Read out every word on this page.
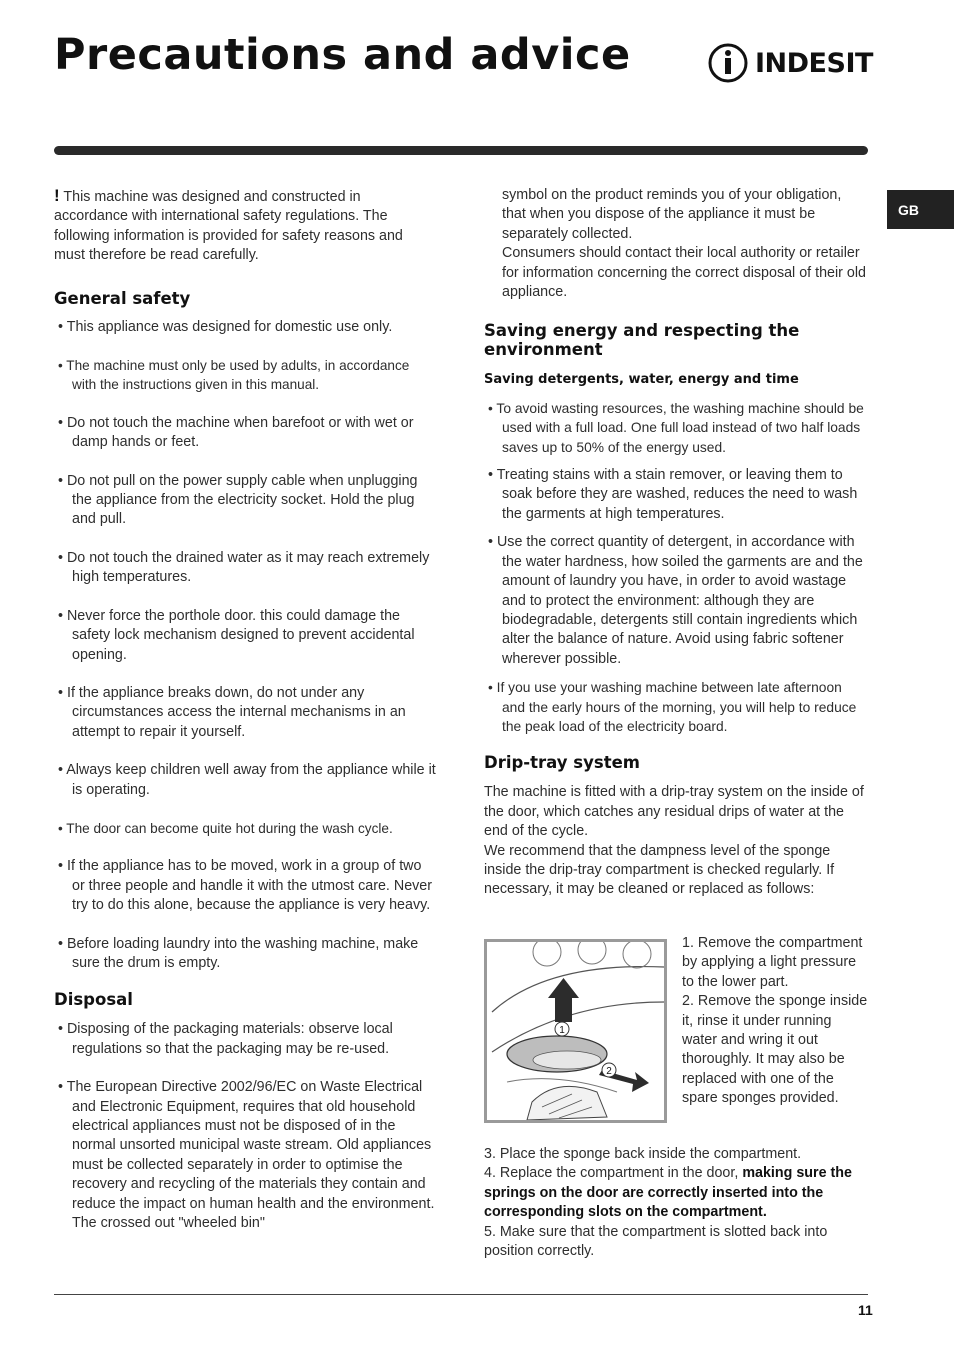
Precautions and advice	INDESIT
GB

! This machine was designed and constructed in accordance with international safety regulations. The following information is provided for safety reasons and must therefore be read carefully.

General safety

• This appliance was designed for domestic use only.

• The machine must only be used by adults, in accordance with the instructions given in this manual.

• Do not touch the machine when barefoot or with wet or damp hands or feet.

• Do not pull on the power supply cable when unplugging the appliance from the electricity socket. Hold the plug and pull.

• Do not touch the drained water as it may reach extremely high temperatures.

• Never force the porthole door. this could damage the safety lock mechanism designed to prevent accidental opening.

• If the appliance breaks down, do not under any circumstances access the internal mechanisms in an attempt to repair it yourself.

• Always keep children well away from the appliance while it is operating.

• The door can become quite hot during the wash cycle.

• If the appliance has to be moved, work in a group of two or three people and handle it with the utmost care. Never try to do this alone, because the appliance is very heavy.

• Before loading laundry into the washing machine, make sure the drum is empty.

Disposal

• Disposing of the packaging materials: observe local regulations so that the packaging may be re-used.

• The European Directive 2002/96/EC on Waste Electrical and Electronic Equipment, requires that old household electrical appliances must not be disposed of in the normal unsorted municipal waste stream. Old appliances must be collected separately in order to optimise the recovery and recycling of the materials they contain and reduce the impact on human health and the environment. The crossed out "wheeled bin"

symbol on the product reminds you of your obligation, that when you dispose of the appliance it must be separately collected.

Consumers should contact their local authority or retailer for information concerning the correct disposal of their old appliance.

Saving energy and respecting the environment
Saving detergents, water, energy and time

• To avoid wasting resources, the washing machine should be used with a full load. One full load instead of two half loads saves up to 50% of the energy used.

• Treating stains with a stain remover, or leaving them to soak before they are washed, reduces the need to wash the garments at high temperatures.

• Use the correct quantity of detergent, in accordance with the water hardness, how soiled the garments are and the amount of laundry you have, in order to avoid wastage and to protect the environment: although they are biodegradable, detergents still contain ingredients which alter the balance of nature. Avoid using fabric softener wherever possible.

• If you use your washing machine between late afternoon and the early hours of the morning, you will help to reduce the peak load of the electricity board.

Drip-tray system

The machine is fitted with a drip-tray system on the inside of the door, which catches any residual drips of water at the end of the cycle.

We recommend that the dampness level of the sponge inside the drip-tray compartment is checked regularly. If necessary, it may be cleaned or replaced as follows:

1
2

1. Remove the compartment by applying a light pressure to the lower part.

2. Remove the sponge inside it, rinse it under running water and wring it out thoroughly. It may also be replaced with one of the spare sponges provided.

3. Place the sponge back inside the compartment.

4. Replace the compartment in the door, making sure the springs on the door are correctly inserted into the corresponding slots on the compartment.

5. Make sure that the compartment is slotted back into position correctly.

11
